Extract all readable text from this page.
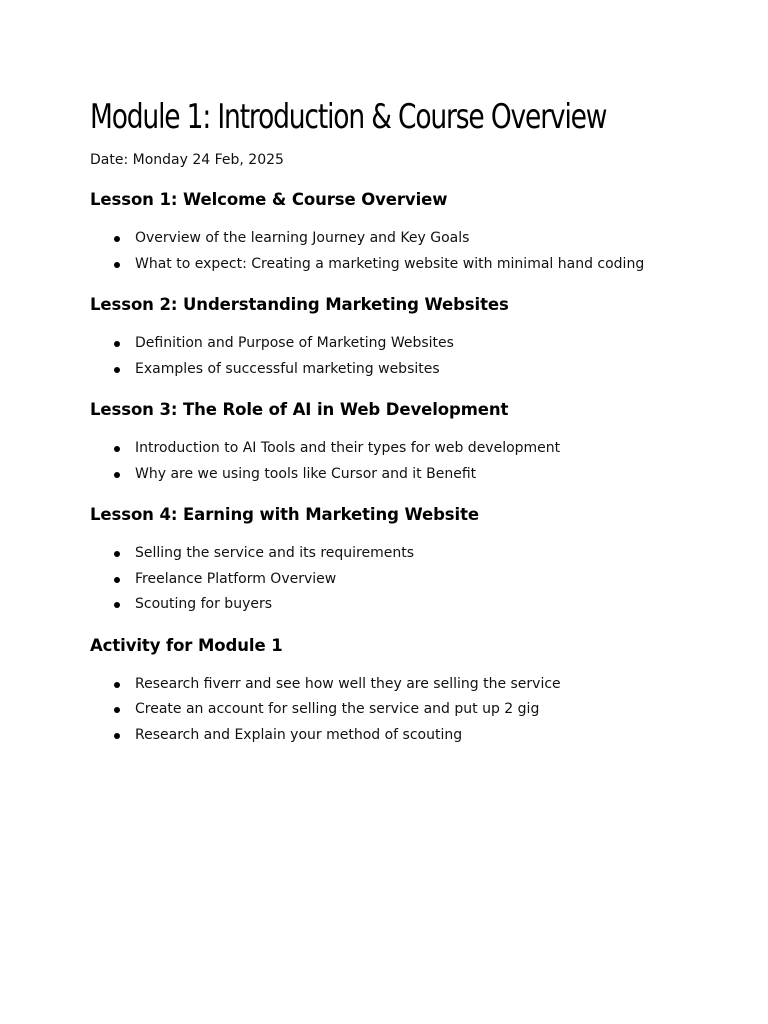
Module 1: Introduction & Course Overview

Date: Monday 24 Feb, 2025

Lesson 1: Welcome & Course Overview
Overview of the learning Journey and Key Goals
What to expect: Creating a marketing website with minimal hand coding
Lesson 2: Understanding Marketing Websites
Definition and Purpose of Marketing Websites
Examples of successful marketing websites
Lesson 3: The Role of AI in Web Development
Introduction to AI Tools and their types for web development
Why are we using tools like Cursor and it Benefit
Lesson 4: Earning with Marketing Website
Selling the service and its requirements
Freelance Platform Overview
Scouting for buyers
Activity for Module 1
Research fiverr and see how well they are selling the service
Create an account for selling the service and put up 2 gig
Research and Explain your method of scouting
